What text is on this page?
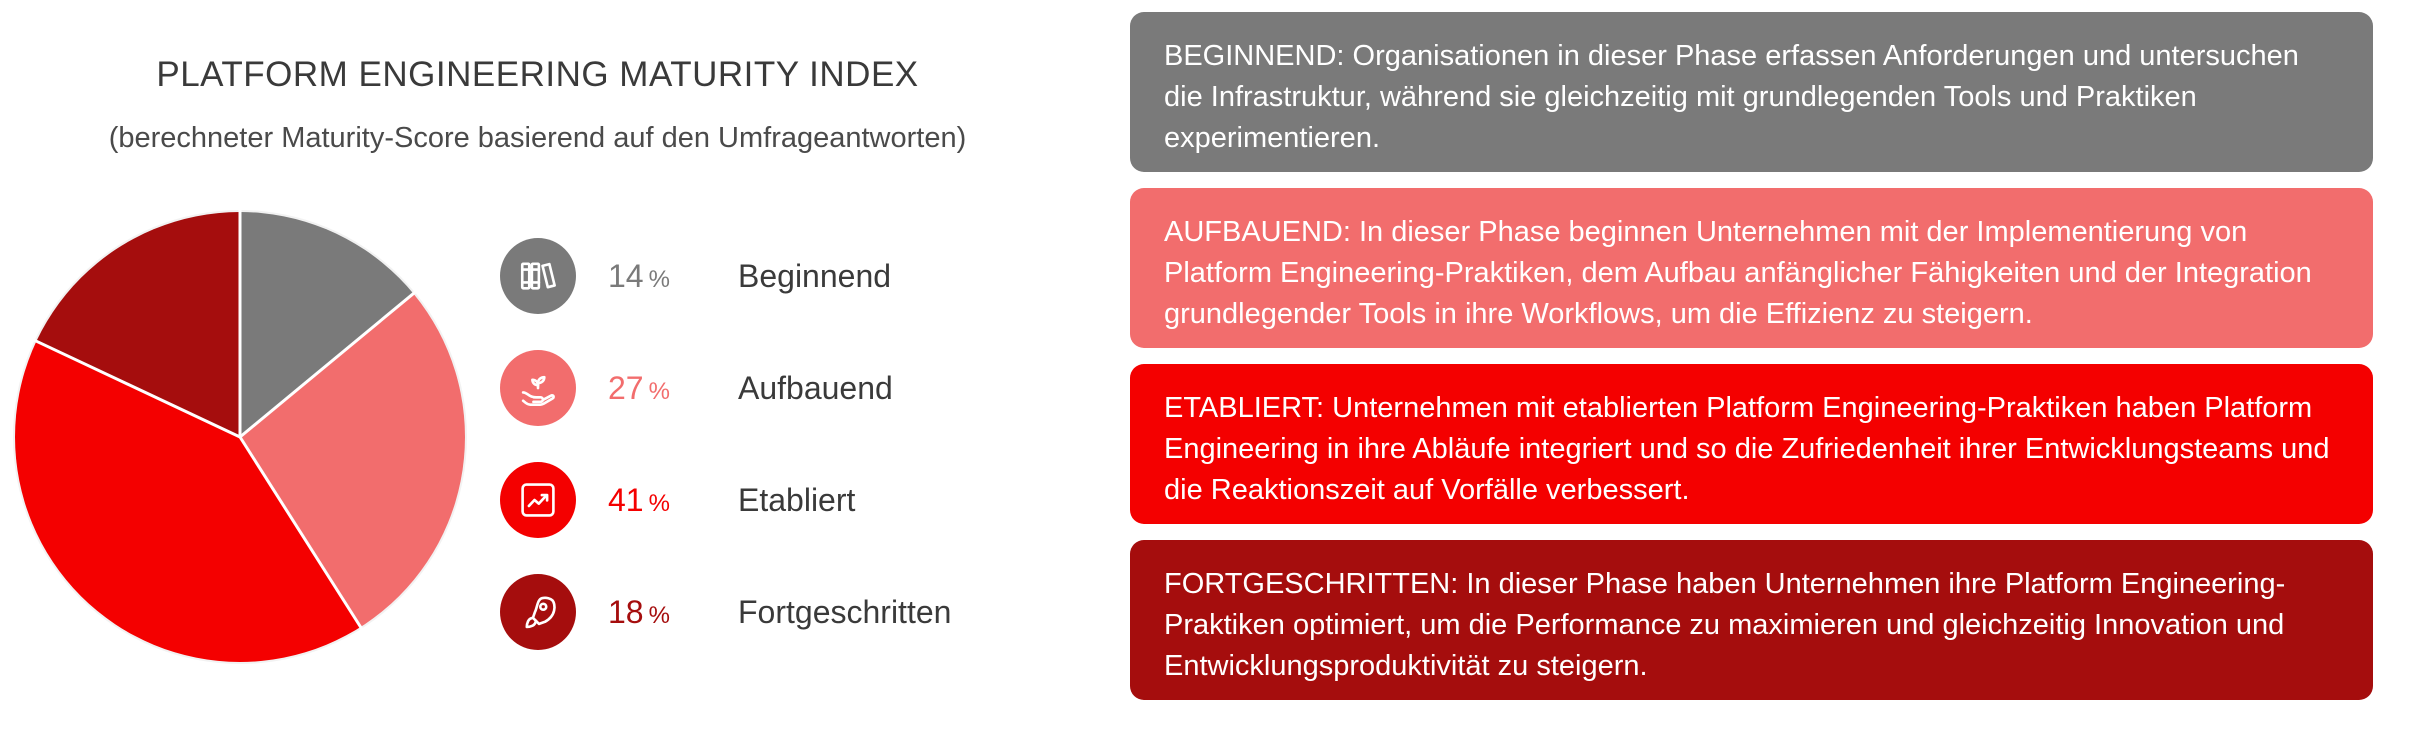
PLATFORM ENGINEERING MATURITY INDEX
(berechneter Maturity-Score basierend auf den Umfrageantworten)
14 %	Beginnend
27 %	Aufbauend
41 %	Etabliert
18 %	Fortgeschritten
BEGINNEND: Organisationen in dieser Phase erfassen Anforderungen und untersuchen die Infrastruktur, während sie gleichzeitig mit grundlegenden Tools und Praktiken experimentieren.
AUFBAUEND: In dieser Phase beginnen Unternehmen mit der Implementierung von Platform Engineering-Praktiken, dem Aufbau anfänglicher Fähigkeiten und der Integration grundlegender Tools in ihre Workflows, um die Effizienz zu steigern.
ETABLIERT: Unternehmen mit etablierten Platform Engineering-Praktiken haben Platform Engineering in ihre Abläufe integriert und so die Zufriedenheit ihrer Entwicklungsteams und die Reaktionszeit auf Vorfälle verbessert.
FORTGESCHRITTEN: In dieser Phase haben Unternehmen ihre Platform Engineering-Praktiken optimiert, um die Performance zu maximieren und gleichzeitig Innovation und Entwicklungsproduktivität zu steigern.
